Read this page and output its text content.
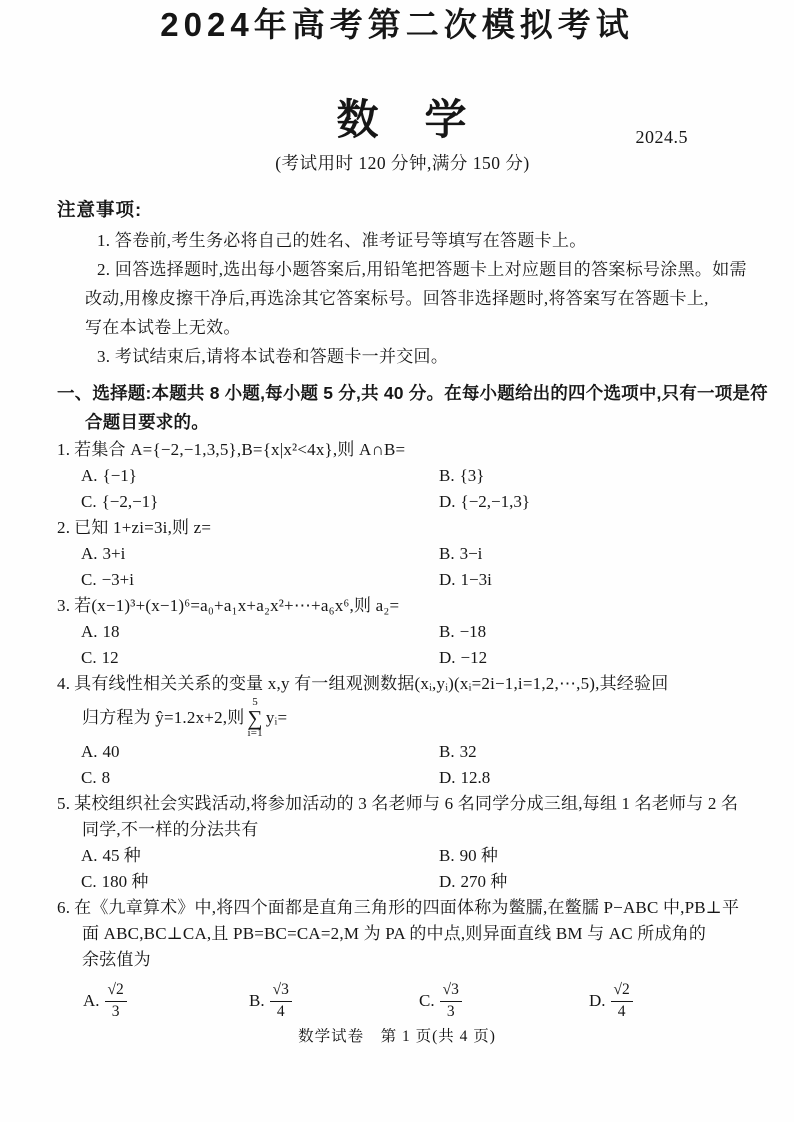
2024年高考第二次模拟考试
2024.5
数　学
(考试用时 120 分钟,满分 150 分)
注意事项:
1. 答卷前,考生务必将自己的姓名、准考证号等填写在答题卡上。
2. 回答选择题时,选出每小题答案后,用铅笔把答题卡上对应题目的答案标号涂黑。如需
改动,用橡皮擦干净后,再选涂其它答案标号。回答非选择题时,将答案写在答题卡上,
写在本试卷上无效。
3. 考试结束后,请将本试卷和答题卡一并交回。
一、选择题:本题共 8 小题,每小题 5 分,共 40 分。在每小题给出的四个选项中,只有一项是符
合题目要求的。
1. 若集合 A={−2,−1,3,5},B={x|x²<4x},则 A∩B=
A. {−1}	B. {3}
C. {−2,−1}	D. {−2,−1,3}
2. 已知 1+zi=3i,则 z=
A. 3+i	B. 3−i
C. −3+i	D. 1−3i
3. 若(x−1)³+(x−1)⁶=a₀+a₁x+a₂x²+⋯+a₆x⁶,则 a₂=
A. 18	B. −18
C. 12	D. −12
4. 具有线性相关关系的变量 x,y 有一组观测数据(xᵢ,yᵢ)(xᵢ=2i−1,i=1,2,⋯,5),其经验回
归方程为 ŷ=1.2x+2,则
5
∑
i=1
yᵢ=
A. 40	B. 32
C. 8	D. 12.8
5. 某校组织社会实践活动,将参加活动的 3 名老师与 6 名同学分成三组,每组 1 名老师与 2 名
同学,不一样的分法共有
A. 45 种	B. 90 种
C. 180 种	D. 270 种
6. 在《九章算术》中,将四个面都是直角三角形的四面体称为鳖臑,在鳖臑 P−ABC 中,PB⊥平
面 ABC,BC⊥CA,且 PB=BC=CA=2,M 为 PA 的中点,则异面直线 BM 与 AC 所成角的
余弦值为
A. $\frac{√2}{3}$	B. $\frac{√3}{4}$	C. $\frac{√3}{3}$	D. $\frac{√2}{4}$
数学试卷　第 1 页(共 4 页)
